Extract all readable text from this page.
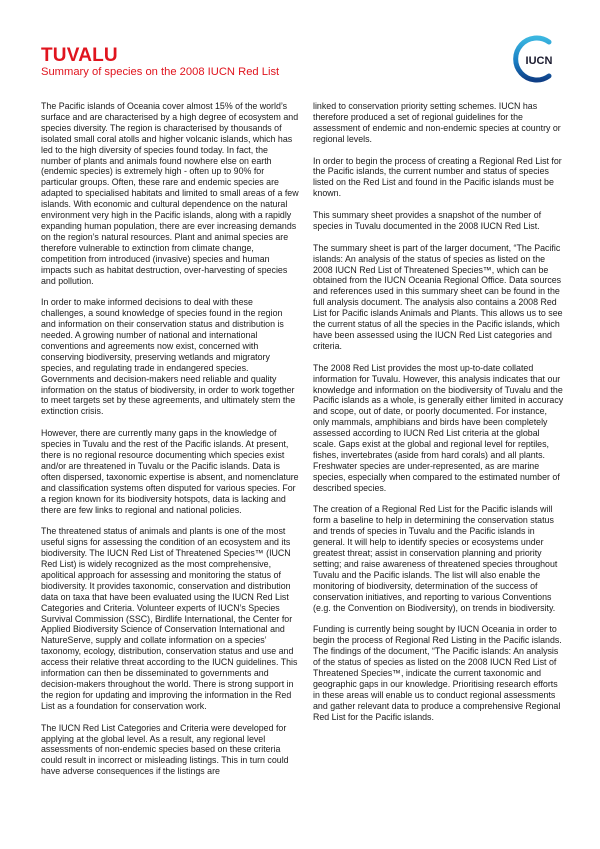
TUVALU
Summary of species on the 2008 IUCN Red List
IUCN

The Pacific islands of Oceania cover almost 15% of the world’s surface and are characterised by a high degree of ecosystem and species diversity. The region is characterised by thousands of isolated small coral atolls and higher volcanic islands, which has led to the high diversity of species found today. In fact, the number of plants and animals found nowhere else on earth (endemic species) is extremely high - often up to 90% for particular groups. Often, these rare and endemic species are adapted to specialised habitats and limited to small areas of a few islands. With economic and cultural dependence on the natural environment very high in the Pacific islands, along with a rapidly expanding human population, there are ever increasing demands on the region’s natural resources. Plant and animal species are therefore vulnerable to extinction from climate change, competition from introduced (invasive) species and human impacts such as habitat destruction, over-harvesting of species and pollution.

In order to make informed decisions to deal with these challenges, a sound knowledge of species found in the region and information on their conservation status and distribution is needed. A growing number of national and international conventions and agreements now exist, concerned with conserving biodiversity, preserving wetlands and migratory species, and regulating trade in endangered species. Governments and decision-makers need reliable and quality information on the status of biodiversity, in order to work together to meet targets set by these agreements, and ultimately stem the extinction crisis.

However, there are currently many gaps in the knowledge of species in Tuvalu and the rest of the Pacific islands. At present, there is no regional resource documenting which species exist and/or are threatened in Tuvalu or the Pacific islands. Data is often dispersed, taxonomic expertise is absent, and nomenclature and classification systems often disputed for various species. For a region known for its biodiversity hotspots, data is lacking and there are few links to regional and national policies.

The threatened status of animals and plants is one of the most useful signs for assessing the condition of an ecosystem and its biodiversity. The IUCN Red List of Threatened Species™ (IUCN Red List) is widely recognized as the most comprehensive, apolitical approach for assessing and monitoring the status of biodiversity. It provides taxonomic, conservation and distribution data on taxa that have been evaluated using the IUCN Red List Categories and Criteria. Volunteer experts of IUCN’s Species Survival Commission (SSC), Birdlife International, the Center for Applied Biodiversity Science of Conservation International and NatureServe, supply and collate information on a species’ taxonomy, ecology, distribution, conservation status and use and access their relative threat according to the IUCN guidelines. This information can then be disseminated to governments and decision-makers throughout the world. There is strong support in the region for updating and improving the information in the Red List as a foundation for conservation work.

The IUCN Red List Categories and Criteria were developed for applying at the global level. As a result, any regional level assessments of non-endemic species based on these criteria could result in incorrect or misleading listings. This in turn could have adverse consequences if the listings are

linked to conservation priority setting schemes. IUCN has therefore produced a set of regional guidelines for the assessment of endemic and non-endemic species at country or regional levels.

In order to begin the process of creating a Regional Red List for the Pacific islands, the current number and status of species listed on the Red List and found in the Pacific islands must be known.

This summary sheet provides a snapshot of the number of species in Tuvalu documented in the 2008 IUCN Red List.

The summary sheet is part of the larger document, “The Pacific islands: An analysis of the status of species as listed on the 2008 IUCN Red List of Threatened Species™, which can be obtained from the IUCN Oceania Regional Office. Data sources and references used in this summary sheet can be found in the full analysis document. The analysis also contains a 2008 Red List for Pacific islands Animals and Plants. This allows us to see the current status of all the species in the Pacific islands, which have been assessed using the IUCN Red List categories and criteria.

The 2008 Red List provides the most up-to-date collated information for Tuvalu. However, this analysis indicates that our knowledge and information on the biodiversity of Tuvalu and the Pacific islands as a whole, is generally either limited in accuracy and scope, out of date, or poorly documented. For instance, only mammals, amphibians and birds have been completely assessed according to IUCN Red List criteria at the global scale. Gaps exist at the global and regional level for reptiles, fishes, invertebrates (aside from hard corals) and all plants. Freshwater species are under-represented, as are marine species, especially when compared to the estimated number of described species.

The creation of a Regional Red List for the Pacific islands will form a baseline to help in determining the conservation status and trends of species in Tuvalu and the Pacific islands in general. It will help to identify species or ecosystems under greatest threat; assist in conservation planning and priority setting; and raise awareness of threatened species throughout Tuvalu and the Pacific islands. The list will also enable the monitoring of biodiversity, determination of the success of conservation initiatives, and reporting to various Conventions (e.g. the Convention on Biodiversity), on trends in biodiversity.

Funding is currently being sought by IUCN Oceania in order to begin the process of Regional Red Listing in the Pacific islands. The findings of the document, “The Pacific islands: An analysis of the status of species as listed on the 2008 IUCN Red List of Threatened Species™, indicate the current taxonomic and geographic gaps in our knowledge. Prioritising research efforts in these areas will enable us to conduct regional assessments and gather relevant data to produce a comprehensive Regional Red List for the Pacific islands.
